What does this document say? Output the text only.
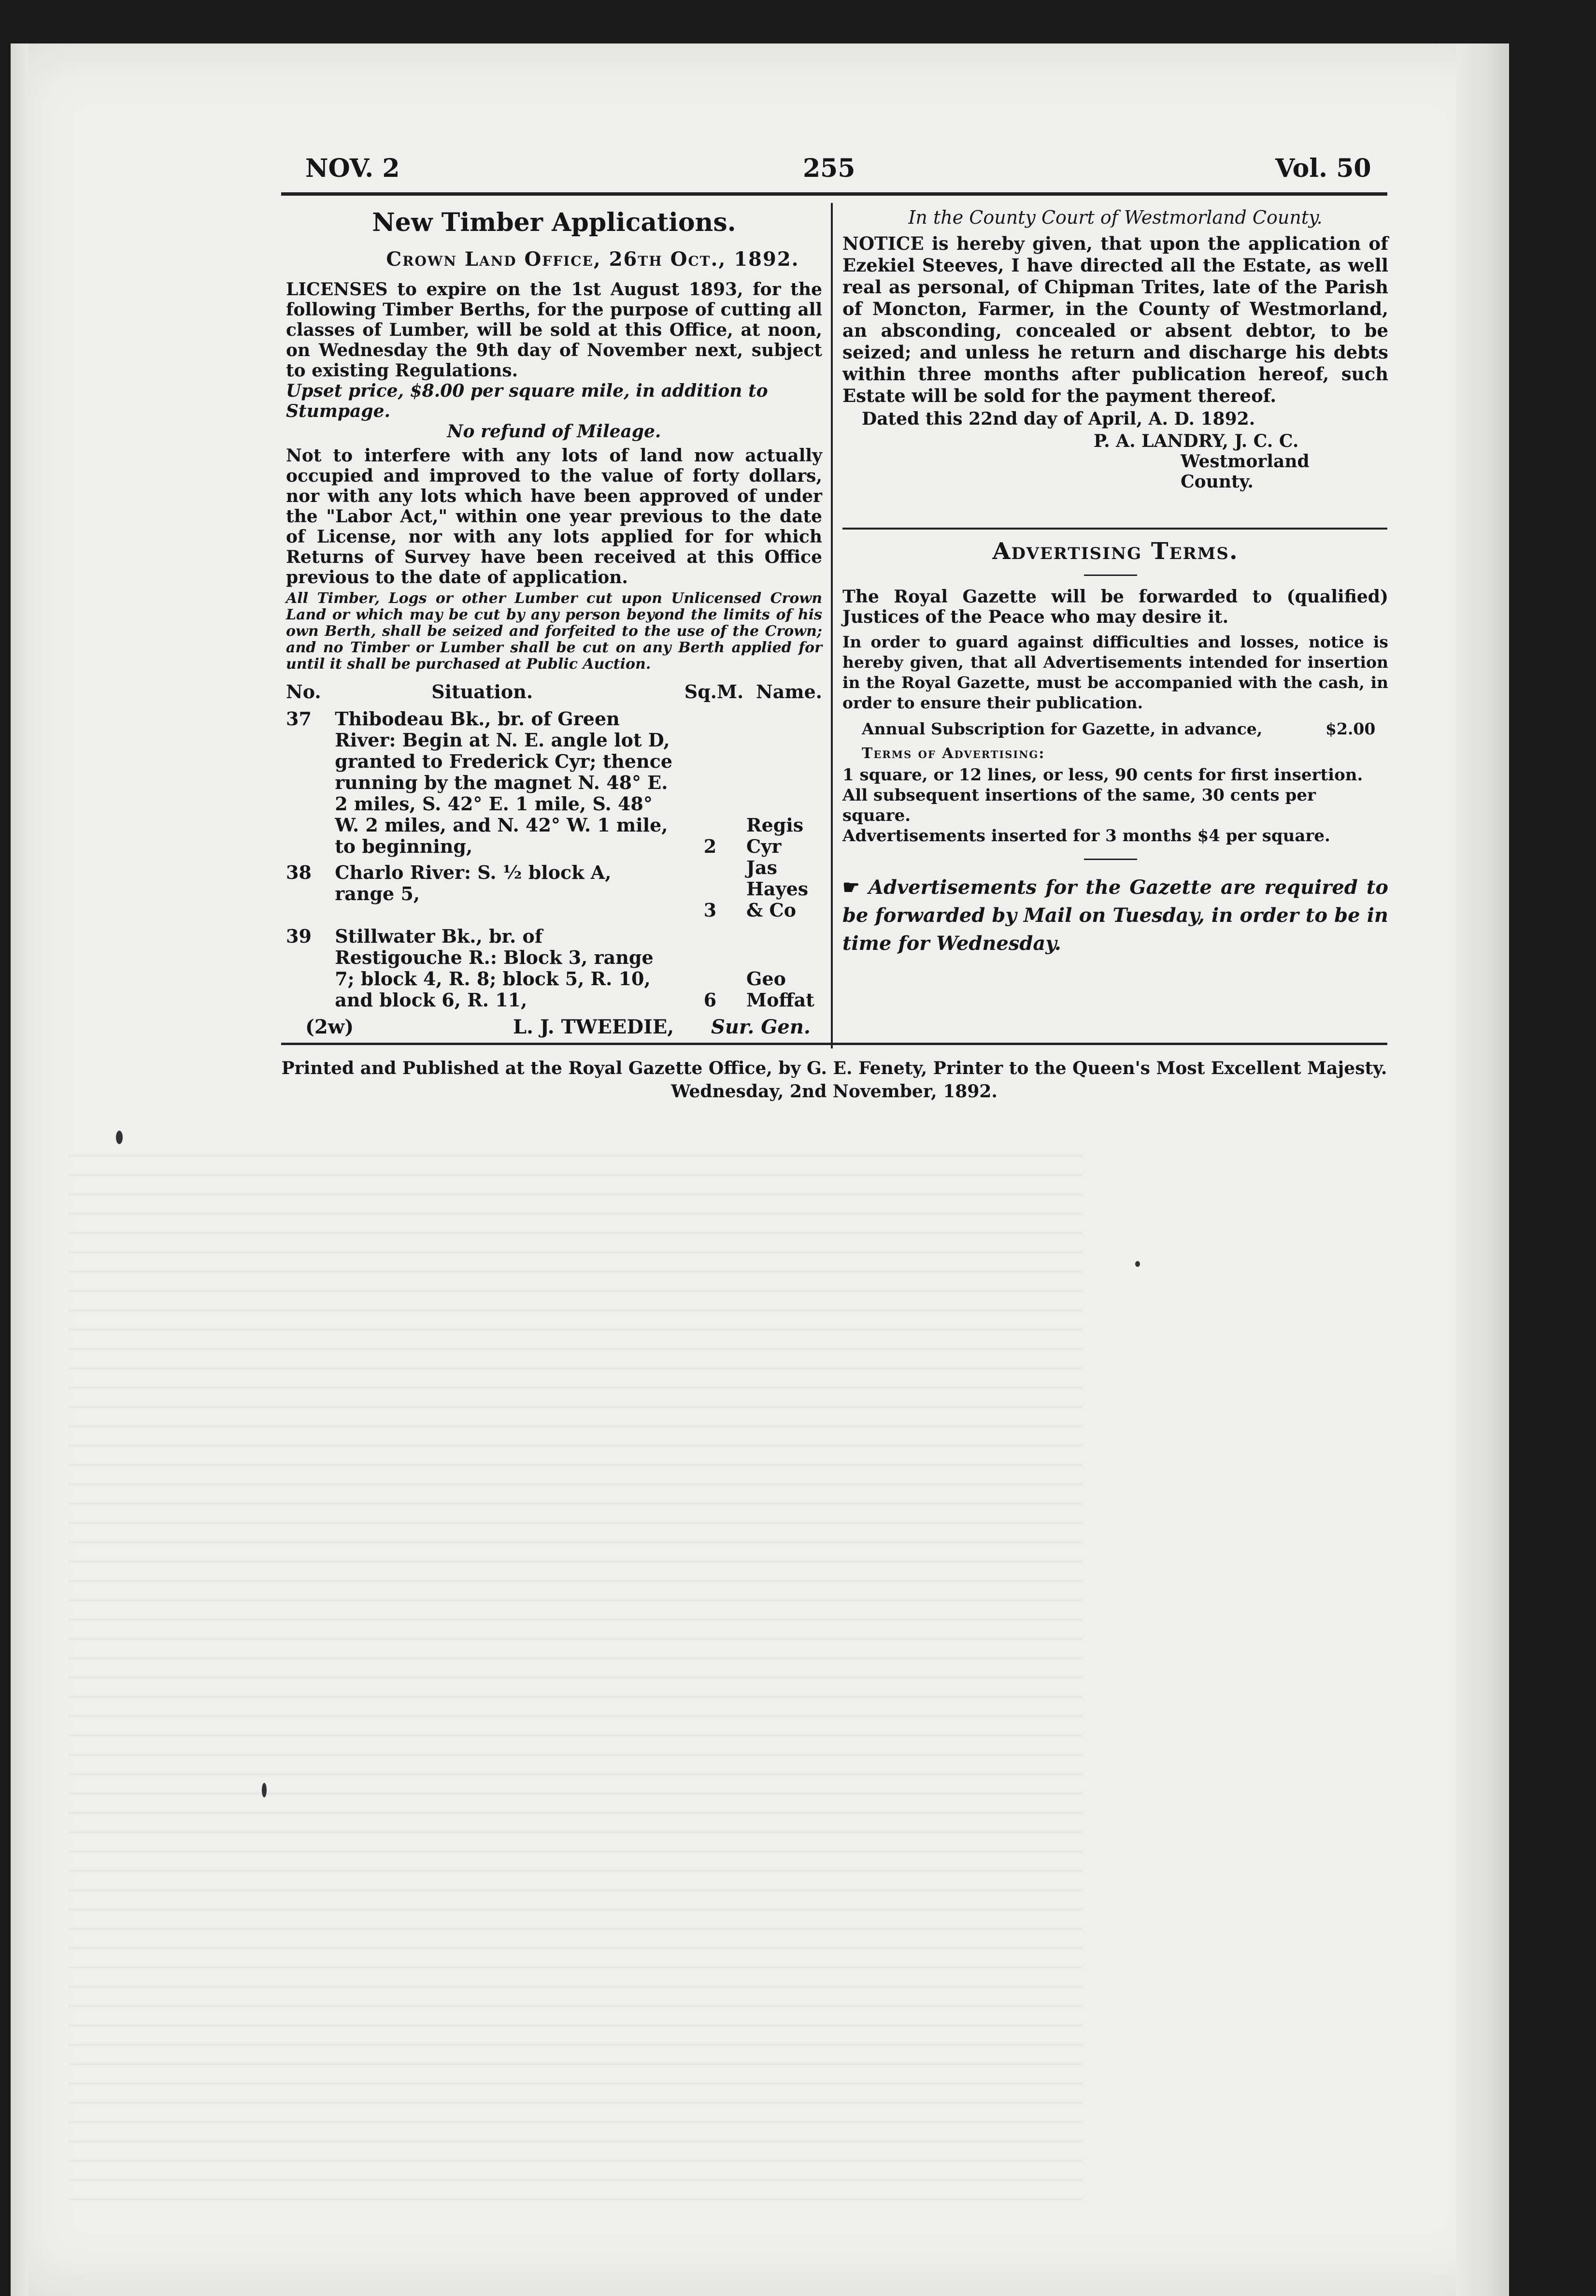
NOV. 2	255	Vol. 50
New Timber Applications.
Crown Land Office, 26th Oct., 1892.
LICENSES to expire on the 1st August 1893, for the following Timber Berths, for the purpose of cutting all classes of Lumber, will be sold at this Office, at noon, on Wednesday the 9th day of November next, subject to existing Regulations.
Upset price, $8.00 per square mile, in addition to Stumpage.
No refund of Mileage.
Not to interfere with any lots of land now actually occupied and improved to the value of forty dollars, nor with any lots which have been approved of under the "Labor Act," within one year previous to the date of License, nor with any lots applied for for which Returns of Survey have been received at this Office previous to the date of application.
All Timber, Logs or other Lumber cut upon Unlicensed Crown Land or which may be cut by any person beyond the limits of his own Berth, shall be seized and forfeited to the use of the Crown; and no Timber or Lumber shall be cut on any Berth applied for until it shall be purchased at Public Auction.
No.	Situation.	Sq.M.	Name.
37	Thibodeau Bk., br. of Green River: Begin at N. E. angle lot D, granted to Frederick Cyr; thence running by the magnet N. 48° E. 2 miles, S. 42° E. 1 mile, S. 48° W. 2 miles, and N. 42° W. 1 mile, to beginning,	2	Regis Cyr
38	Charlo River: S. ½ block A, range 5,	3	Jas Hayes & Co
39	Stillwater Bk., br. of Restigouche R.: Block 3, range 7; block 4, R. 8; block 5, R. 10, and block 6, R. 11,	6	Geo Moffat
(2w)	L. J. TWEEDIE, Sur. Gen.
In the County Court of Westmorland County.
NOTICE is hereby given, that upon the application of Ezekiel Steeves, I have directed all the Estate, as well real as personal, of Chipman Trites, late of the Parish of Moncton, Farmer, in the County of Westmorland, an absconding, concealed or absent debtor, to be seized; and unless he return and discharge his debts within three months after publication hereof, such Estate will be sold for the payment thereof.
Dated this 22nd day of April, A. D. 1892.
P. A. LANDRY, J. C. C.
Westmorland County.
Advertising Terms.
The Royal Gazette will be forwarded to (qualified) Justices of the Peace who may desire it.
In order to guard against difficulties and losses, notice is hereby given, that all Advertisements intended for insertion in the Royal Gazette, must be accompanied with the cash, in order to ensure their publication.
Annual Subscription for Gazette, in advance,	$2.00
Terms of Advertising:
1 square, or 12 lines, or less, 90 cents for first insertion.
All subsequent insertions of the same, 30 cents per square.
Advertisements inserted for 3 months $4 per square.
☛ Advertisements for the Gazette are required to be forwarded by Mail on Tuesday, in order to be in time for Wednesday.
Printed and Published at the Royal Gazette Office, by G. E. Fenety, Printer to the Queen's Most Excellent Majesty.
Wednesday, 2nd November, 1892.
